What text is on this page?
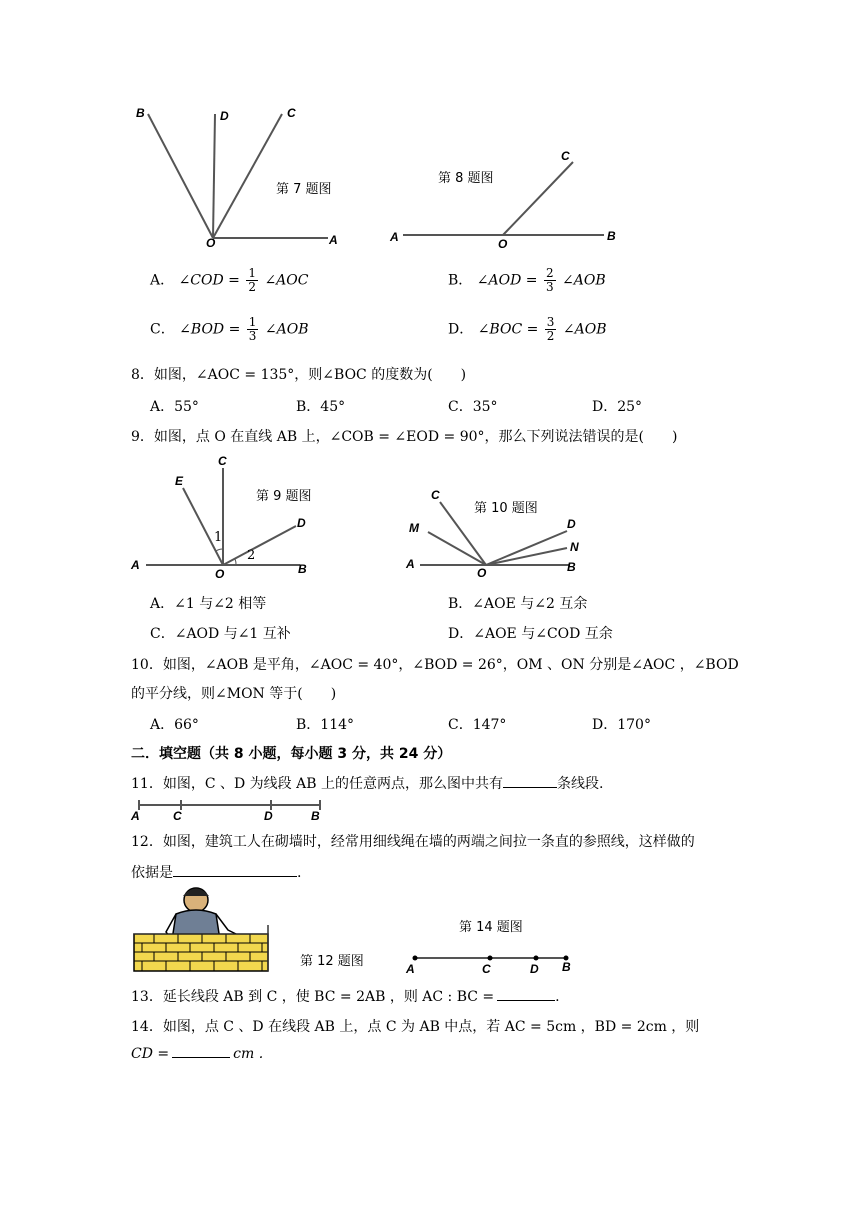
B	D	C
O	A
第 7 题图
C
A	O
B
第 8 题图
A． ∠COD = $\frac{1}{2}$ ∠AOC	B． ∠AOD = $\frac{2}{3}$ ∠AOB
C． ∠BOD = $\frac{1}{3}$ ∠AOB	D． ∠BOC = $\frac{3}{2}$ ∠AOB
8．如图，∠AOC = 135°，则∠BOC 的度数为(　　)
A．55°	B．45°	C．35°	D．25°
9．如图，点 O 在直线 AB 上，∠COB = ∠EOD = 90°，那么下列说法错误的是(　　)
E
C
D
A
O	B
1
2
第 9 题图	C
M	D
N
A
O	B
第 10 题图
A．∠1 与∠2 相等	B．∠AOE 与∠2 互余
C．∠AOD 与∠1 互补	D．∠AOE 与∠COD 互余
10．如图，∠AOB 是平角，∠AOC = 40°，∠BOD = 26°，OM 、ON 分别是∠AOC ，∠BOD
的平分线，则∠MON 等于(　　)
A．66°	B．114°	C．147°	D．170°
二．填空题（共 8 小题，每小题 3 分，共 24 分）
11．如图，C 、D 为线段 AB 上的任意两点，那么图中共有	条线段.
A	C	D	B
12．如图，建筑工人在砌墙时，经常用细线绳在墙的两端之间拉一条直的参照线，这样做的
依据是	.
第 12 题图
第 14 题图
A	C	D B
13．延长线段 AB 到 C ，使 BC = 2AB ，则 AC : BC =	.
14．如图，点 C 、D 在线段 AB 上，点 C 为 AB 中点，若 AC = 5cm ，BD = 2cm ，则
CD =	cm .
